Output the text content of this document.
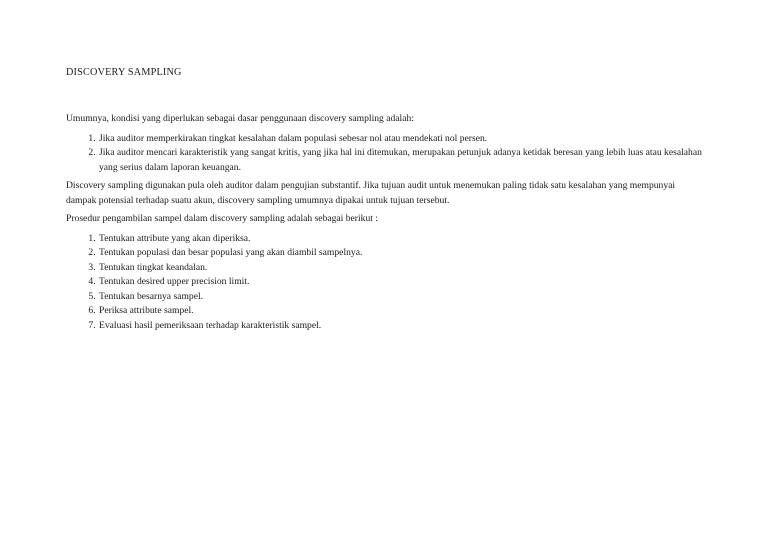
DISCOVERY SAMPLING

Umumnya, kondisi yang diperlukan sebagai dasar penggunaan discovery sampling adalah:

1. Jika auditor memperkirakan tingkat kesalahan dalam populasi sebesar nol atau mendekati nol persen.
2. Jika auditor mencari karakteristik yang sangat kritis, yang jika hal ini ditemukan, merupakan petunjuk adanya ketidak beresan yang lebih luas atau kesalahan yang serius dalam laporan keuangan.

Discovery sampling digunakan pula oleh auditor dalam pengujian substantif. Jika tujuan audit untuk menemukan paling tidak satu kesalahan yang mempunyai dampak potensial terhadap suatu akun, discovery sampling umumnya dipakai untuk tujuan tersebut.

Prosedur pengambilan sampel dalam discovery sampling adalah sebagai berikut :

1. Tentukan attribute yang akan diperiksa.
2. Tentukan populasi dan besar populasi yang akan diambil sampelnya.
3. Tentukan tingkat keandalan.
4. Tentukan desired upper precision limit.
5. Tentukan besarnya sampel.
6. Periksa attribute sampel.
7. Evaluasi hasil pemeriksaan terhadap karakteristik sampel.
